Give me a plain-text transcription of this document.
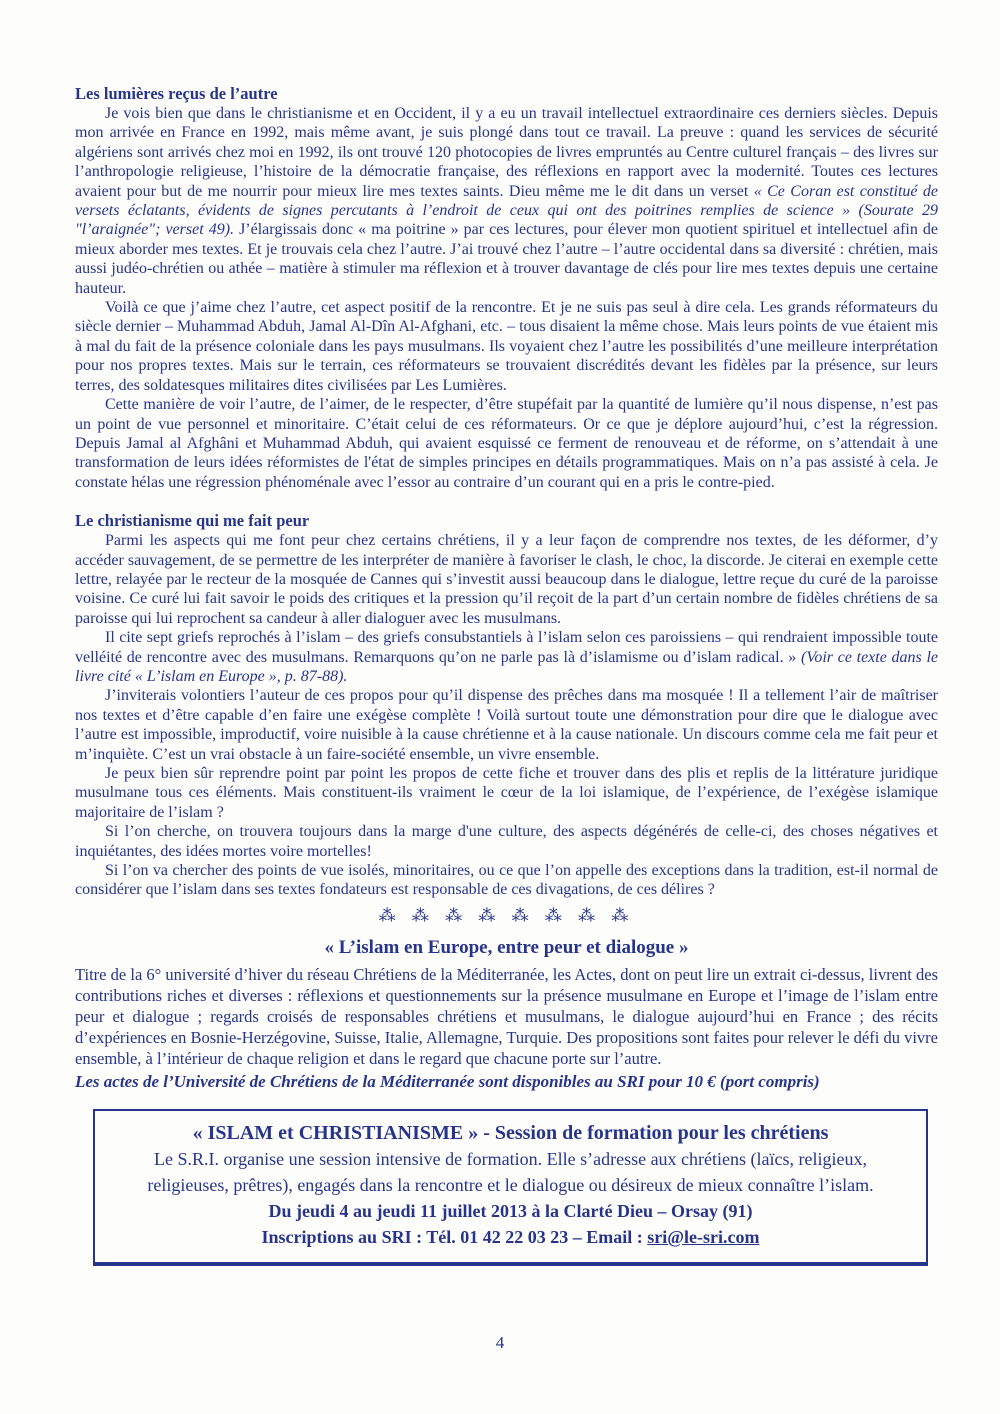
Les lumières reçus de l’autre

Je vois bien que dans le christianisme et en Occident, il y a eu un travail intellectuel extraordinaire ces derniers siècles. Depuis mon arrivée en France en 1992, mais même avant, je suis plongé dans tout ce travail. La preuve : quand les services de sécurité algériens sont arrivés chez moi en 1992, ils ont trouvé 120 photocopies de livres empruntés au Centre culturel français – des livres sur l’anthropologie religieuse, l’histoire de la démocratie française, des réflexions en rapport avec la modernité. Toutes ces lectures avaient pour but de me nourrir pour mieux lire mes textes saints. Dieu même me le dit dans un verset « Ce Coran est constitué de versets éclatants, évidents de signes percutants à l’endroit de ceux qui ont des poitrines remplies de science » (Sourate 29 "l’araignée"; verset 49). J’élargissais donc « ma poitrine » par ces lectures, pour élever mon quotient spirituel et intellectuel afin de mieux aborder mes textes. Et je trouvais cela chez l’autre. J’ai trouvé chez l’autre – l’autre occidental dans sa diversité : chrétien, mais aussi judéo-chrétien ou athée – matière à stimuler ma réflexion et à trouver davantage de clés pour lire mes textes depuis une certaine hauteur.

Voilà ce que j’aime chez l’autre, cet aspect positif de la rencontre. Et je ne suis pas seul à dire cela. Les grands réformateurs du siècle dernier – Muhammad Abduh, Jamal Al-Dîn Al-Afghani, etc. – tous disaient la même chose. Mais leurs points de vue étaient mis à mal du fait de la présence coloniale dans les pays musulmans. Ils voyaient chez l’autre les possibilités d’une meilleure interprétation pour nos propres textes. Mais sur le terrain, ces réformateurs se trouvaient discrédités devant les fidèles par la présence, sur leurs terres, des soldatesques militaires dites civilisées par Les Lumières.

Cette manière de voir l’autre, de l’aimer, de le respecter, d’être stupéfait par la quantité de lumière qu’il nous dispense, n’est pas un point de vue personnel et minoritaire. C’était celui de ces réformateurs. Or ce que je déplore aujourd’hui, c’est la régression. Depuis Jamal al Afghâni et Muhammad Abduh, qui avaient esquissé ce ferment de renouveau et de réforme, on s’attendait à une transformation de leurs idées réformistes de l'état de simples principes en détails programmatiques. Mais on n’a pas assisté à cela. Je constate hélas une régression phénoménale avec l’essor au contraire d’un courant qui en a pris le contre-pied.

Le christianisme qui me fait peur

Parmi les aspects qui me font peur chez certains chrétiens, il y a leur façon de comprendre nos textes, de les déformer, d’y accéder sauvagement, de se permettre de les interpréter de manière à favoriser le clash, le choc, la discorde. Je citerai en exemple cette lettre, relayée par le recteur de la mosquée de Cannes qui s’investit aussi beaucoup dans le dialogue, lettre reçue du curé de la paroisse voisine. Ce curé lui fait savoir le poids des critiques et la pression qu’il reçoit de la part d’un certain nombre de fidèles chrétiens de sa paroisse qui lui reprochent sa candeur à aller dialoguer avec les musulmans.

Il cite sept griefs reprochés à l’islam – des griefs consubstantiels à l’islam selon ces paroissiens – qui rendraient impossible toute velléité de rencontre avec des musulmans. Remarquons qu’on ne parle pas là d’islamisme ou d’islam radical. » (Voir ce texte dans le livre cité « L’islam en Europe », p. 87-88).

J’inviterais volontiers l’auteur de ces propos pour qu’il dispense des prêches dans ma mosquée ! Il a tellement l’air de maîtriser nos textes et d’être capable d’en faire une exégèse complète ! Voilà surtout toute une démonstration pour dire que le dialogue avec l’autre est impossible, improductif, voire nuisible à la cause chrétienne et à la cause nationale. Un discours comme cela me fait peur et m’inquiète. C’est un vrai obstacle à un faire-société ensemble, un vivre ensemble.

Je peux bien sûr reprendre point par point les propos de cette fiche et trouver dans des plis et replis de la littérature juridique musulmane tous ces éléments. Mais constituent-ils vraiment le cœur de la loi islamique, de l’expérience, de l’exégèse islamique majoritaire de l’islam ?

Si l’on cherche, on trouvera toujours dans la marge d'une culture, des aspects dégénérés de celle-ci, des choses négatives et inquiétantes, des idées mortes voire mortelles!

Si l’on va chercher des points de vue isolés, minoritaires, ou ce que l’on appelle des exceptions dans la tradition, est-il normal de considérer que l’islam dans ses textes fondateurs est responsable de ces divagations, de ces délires ?

⁂ ⁂ ⁂ ⁂ ⁂ ⁂ ⁂ ⁂
« L’islam en Europe, entre peur et dialogue »

Titre de la 6° université d’hiver du réseau Chrétiens de la Méditerranée, les Actes, dont on peut lire un extrait ci-dessus, livrent des contributions riches et diverses : réflexions et questionnements sur la présence musulmane en Europe et l’image de l’islam entre peur et dialogue ; regards croisés de responsables chrétiens et musulmans, le dialogue aujourd’hui en France ; des récits d’expériences en Bosnie-Herzégovine, Suisse, Italie, Allemagne, Turquie. Des propositions sont faites pour relever le défi du vivre ensemble, à l’intérieur de chaque religion et dans le regard que chacune porte sur l’autre.

Les actes de l’Université de Chrétiens de la Méditerranée sont disponibles au SRI pour 10 € (port compris)
« ISLAM et CHRISTIANISME » - Session de formation pour les chrétiens
Le S.R.I. organise une session intensive de formation. Elle s’adresse aux chrétiens (laïcs, religieux, religieuses, prêtres), engagés dans la rencontre et le dialogue ou désireux de mieux connaître l’islam.
Du jeudi 4 au jeudi 11 juillet 2013 à la Clarté Dieu – Orsay (91)
Inscriptions au SRI : Tél. 01 42 22 03 23 – Email : sri@le-sri.com
4
